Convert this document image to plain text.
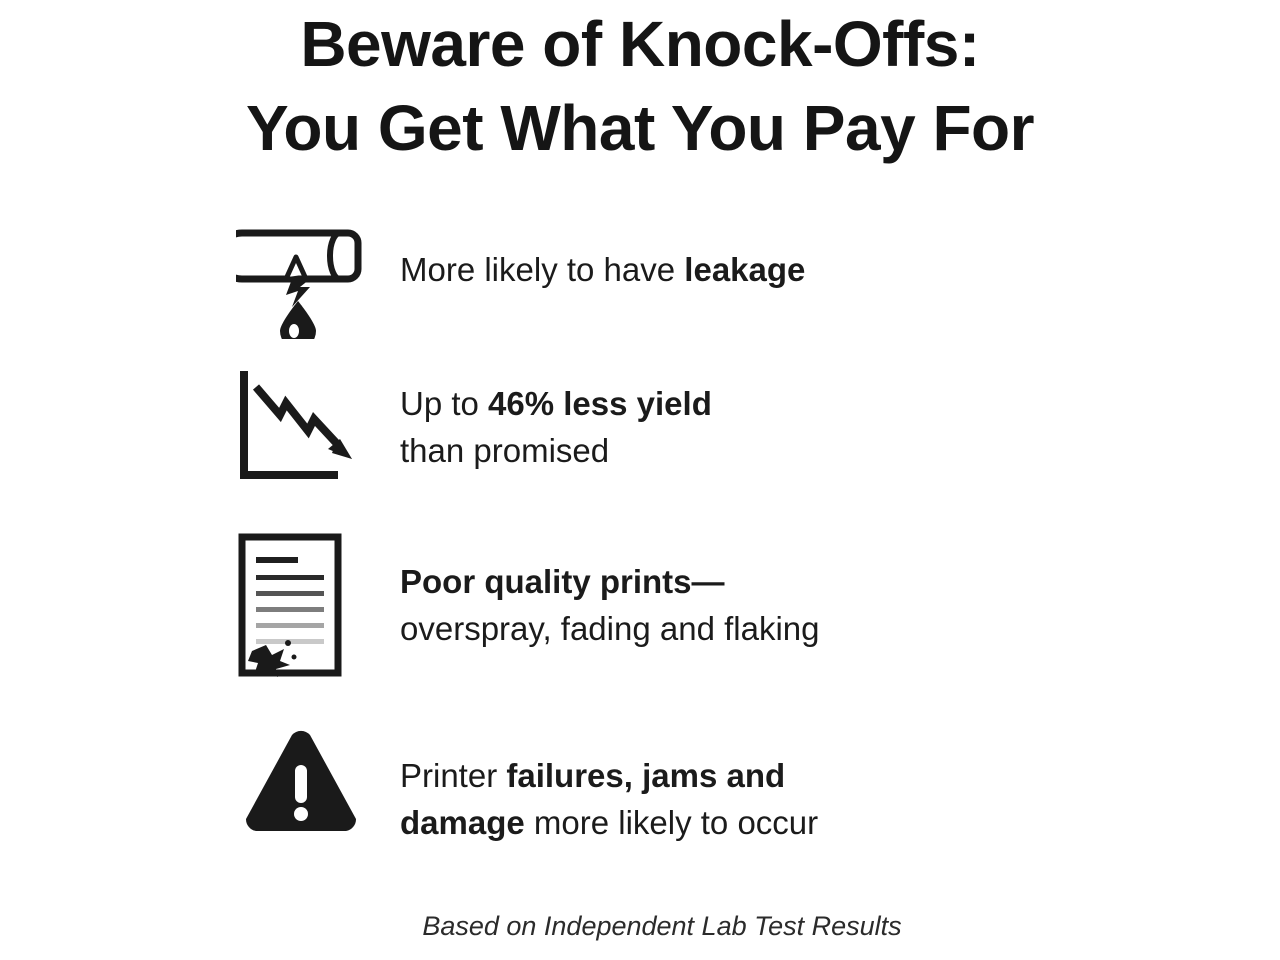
Beware of Knock-Offs:
You Get What You Pay For
More likely to have leakage
Up to 46% less yield
than promised
Poor quality prints—
overspray, fading and flaking
Printer failures, jams and
damage more likely to occur
Based on Independent Lab Test Results
